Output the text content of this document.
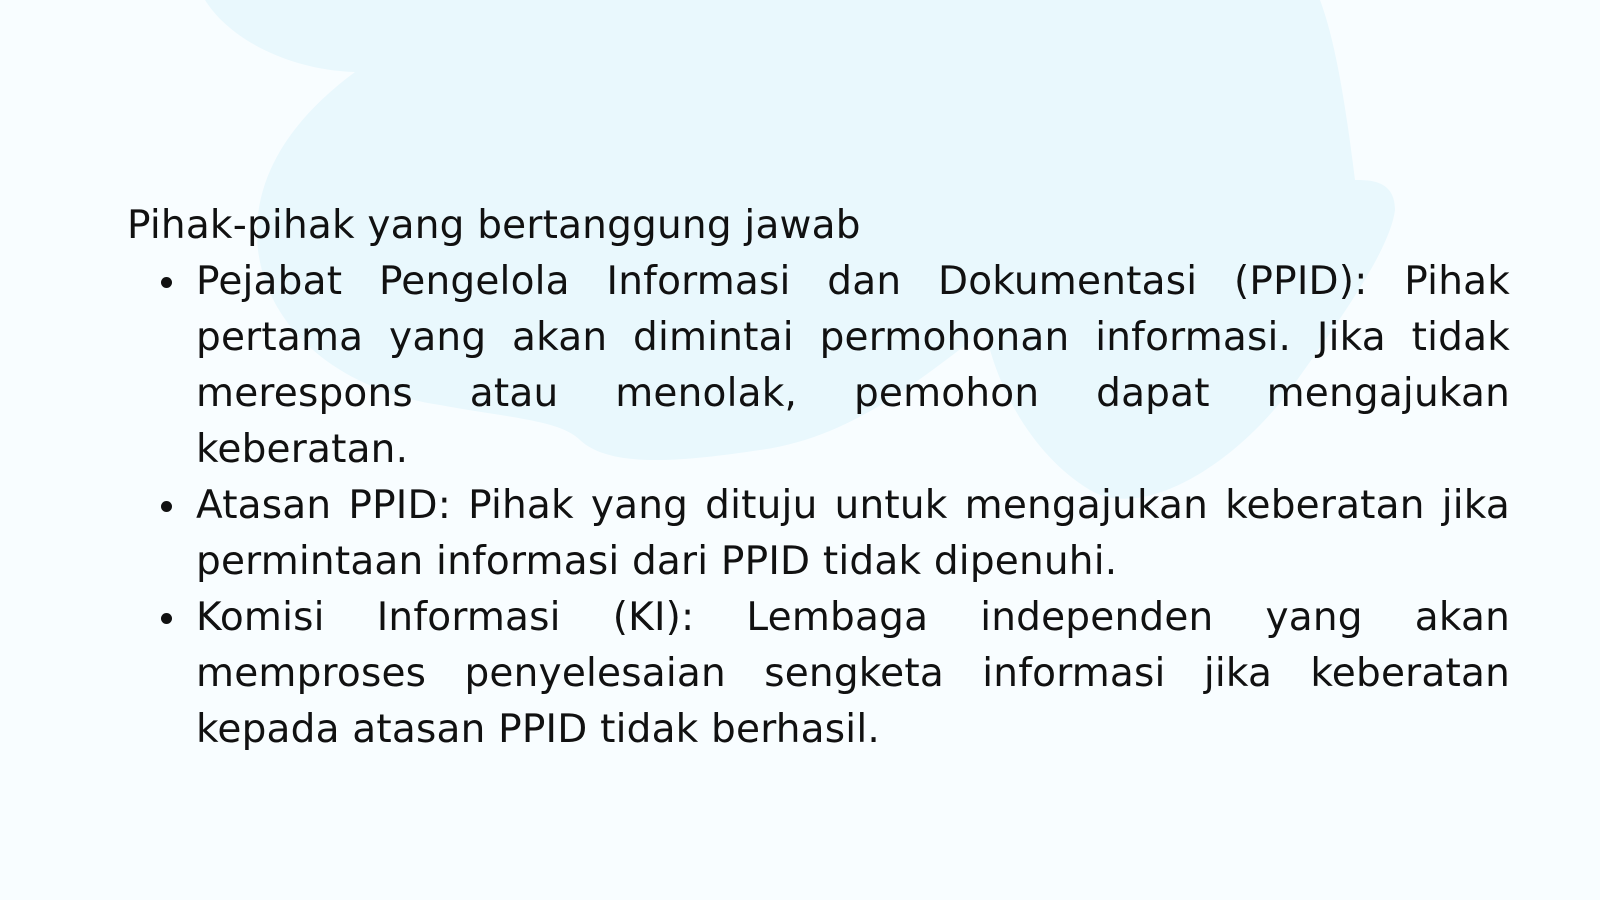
Pihak-pihak yang bertanggung jawab

Pejabat Pengelola Informasi dan Dokumentasi (PPID): Pihak pertama yang akan dimintai permohonan informasi. Jika tidak merespons atau menolak, pemohon dapat mengajukan keberatan.
Atasan PPID: Pihak yang dituju untuk mengajukan keberatan jika permintaan informasi dari PPID tidak dipenuhi.
Komisi Informasi (KI): Lembaga independen yang akan memproses penyelesaian sengketa informasi jika keberatan kepada atasan PPID tidak berhasil.
